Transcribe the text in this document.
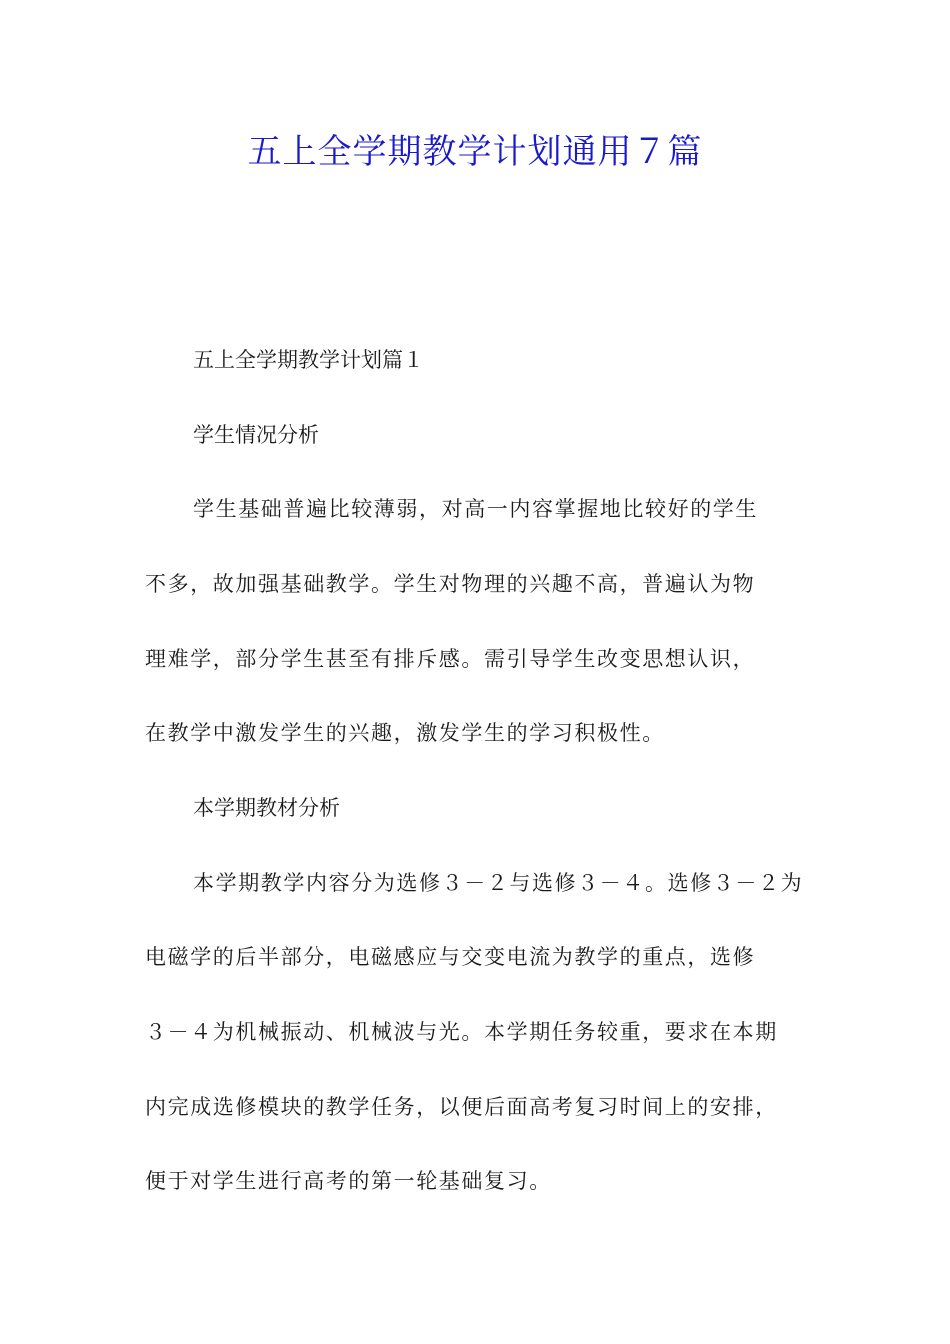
五上全学期教学计划通用７篇

五上全学期教学计划篇１

学生情况分析

学生基础普遍比较薄弱，对高一内容掌握地比较好的学生

不多，故加强基础教学。学生对物理的兴趣不高，普遍认为物

理难学，部分学生甚至有排斥感。需引导学生改变思想认识，

在教学中激发学生的兴趣，激发学生的学习积极性。

本学期教材分析

本学期教学内容分为选修３－２与选修３－４。选修３－２为

电磁学的后半部分，电磁感应与交变电流为教学的重点，选修

３－４为机械振动、机械波与光。本学期任务较重，要求在本期

内完成选修模块的教学任务，以便后面高考复习时间上的安排，

便于对学生进行高考的第一轮基础复习。
